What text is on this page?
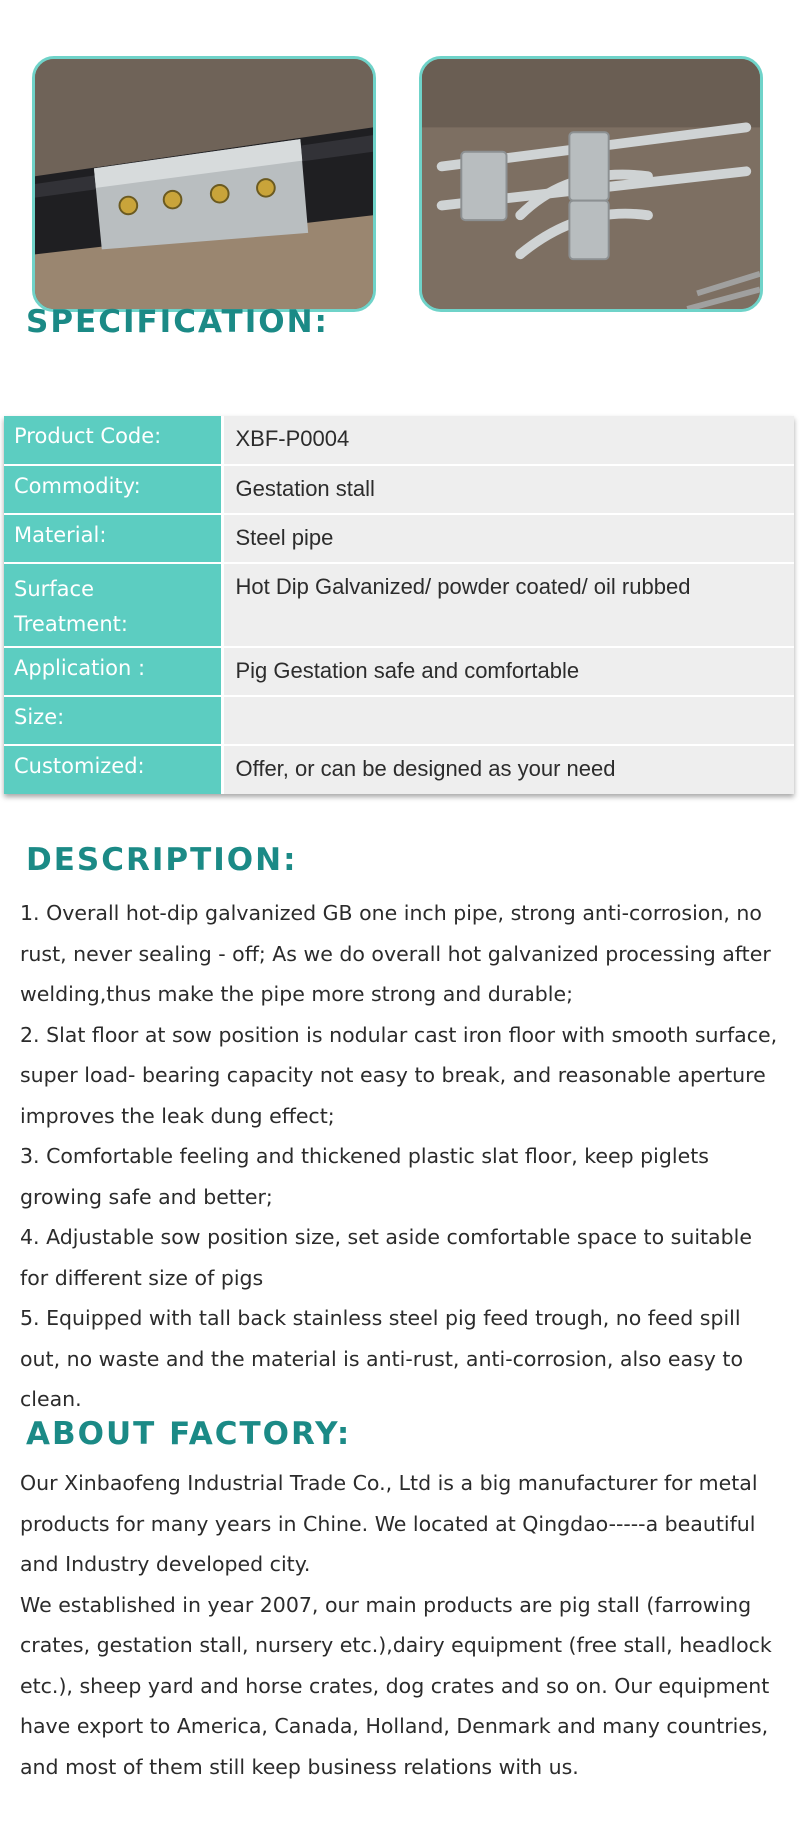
SPECIFICATION:
Product Code:	XBF-P0004
Commodity:	Gestation stall
Material:	Steel pipe
Surface Treatment:	Hot Dip Galvanized/ powder coated/ oil rubbed
Application :	Pig Gestation safe and comfortable
Size:	
Customized:	Offer, or can be designed as your need
DESCRIPTION:

1. Overall hot-dip galvanized GB one inch pipe, strong anti-corrosion, no rust, never sealing - off; As we do overall hot galvanized processing after welding,thus make the pipe more strong and durable;

2. Slat floor at sow position is nodular cast iron floor with smooth surface, super load- bearing capacity not easy to break, and reasonable aperture improves the leak dung effect;

3. Comfortable feeling and thickened plastic slat floor, keep piglets growing safe and better;

4. Adjustable sow position size, set aside comfortable space to suitable for different size of pigs

5. Equipped with tall back stainless steel pig feed trough, no feed spill out, no waste and the material is anti-rust, anti-corrosion, also easy to clean.

ABOUT FACTORY:

Our Xinbaofeng Industrial Trade Co., Ltd is a big manufacturer for metal products for many years in Chine. We located at Qingdao-----a beautiful and Industry developed city.

We established in year 2007, our main products are pig stall (farrowing crates, gestation stall, nursery etc.),dairy equipment (free stall, headlock etc.), sheep yard and horse crates, dog crates and so on. Our equipment have export to America, Canada, Holland, Denmark and many countries, and most of them still keep business relations with us.
